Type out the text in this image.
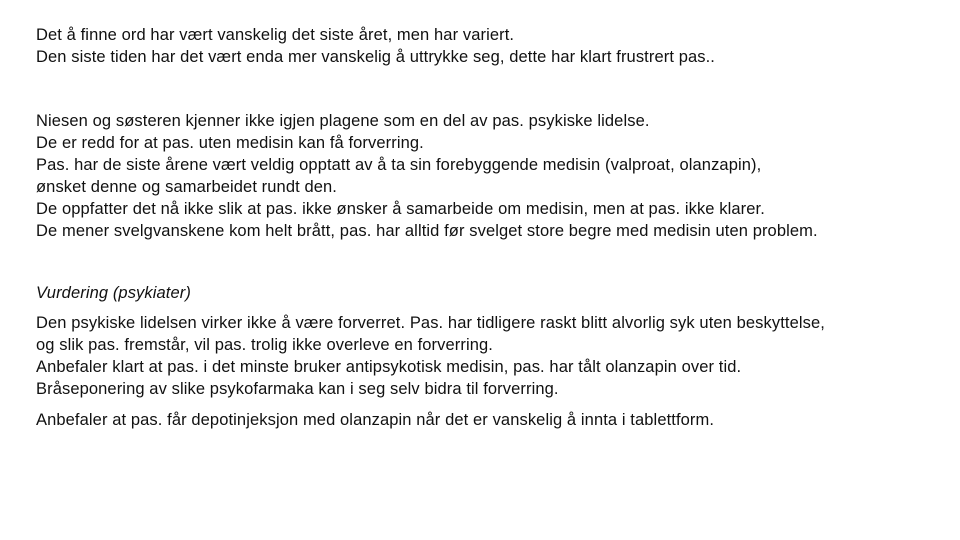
Det å finne ord har vært vanskelig det siste året, men har variert.
Den siste tiden har det vært enda mer vanskelig å uttrykke seg, dette har klart frustrert pas..
Niesen og søsteren kjenner ikke igjen plagene som en del av pas. psykiske lidelse.
De er redd for at pas. uten medisin kan få forverring.
Pas. har de siste årene vært veldig opptatt av å ta sin forebyggende medisin (valproat, olanzapin),
ønsket denne og samarbeidet rundt den.
De oppfatter det nå ikke slik at pas. ikke ønsker å samarbeide om medisin, men at pas. ikke klarer.
De mener svelgvanskene kom helt brått, pas. har alltid før svelget store begre med medisin uten problem.
Vurdering (psykiater)
Den psykiske lidelsen virker ikke å være forverret. Pas. har tidligere raskt blitt alvorlig syk uten beskyttelse,
og slik pas. fremstår, vil pas. trolig ikke overleve en forverring.
Anbefaler klart at pas. i det minste bruker antipsykotisk medisin, pas. har tålt olanzapin over tid.
Bråseponering av slike psykofarmaka kan i seg selv bidra til forverring.
Anbefaler at pas. får depotinjeksjon med olanzapin når det er vanskelig å innta i tablettform.
